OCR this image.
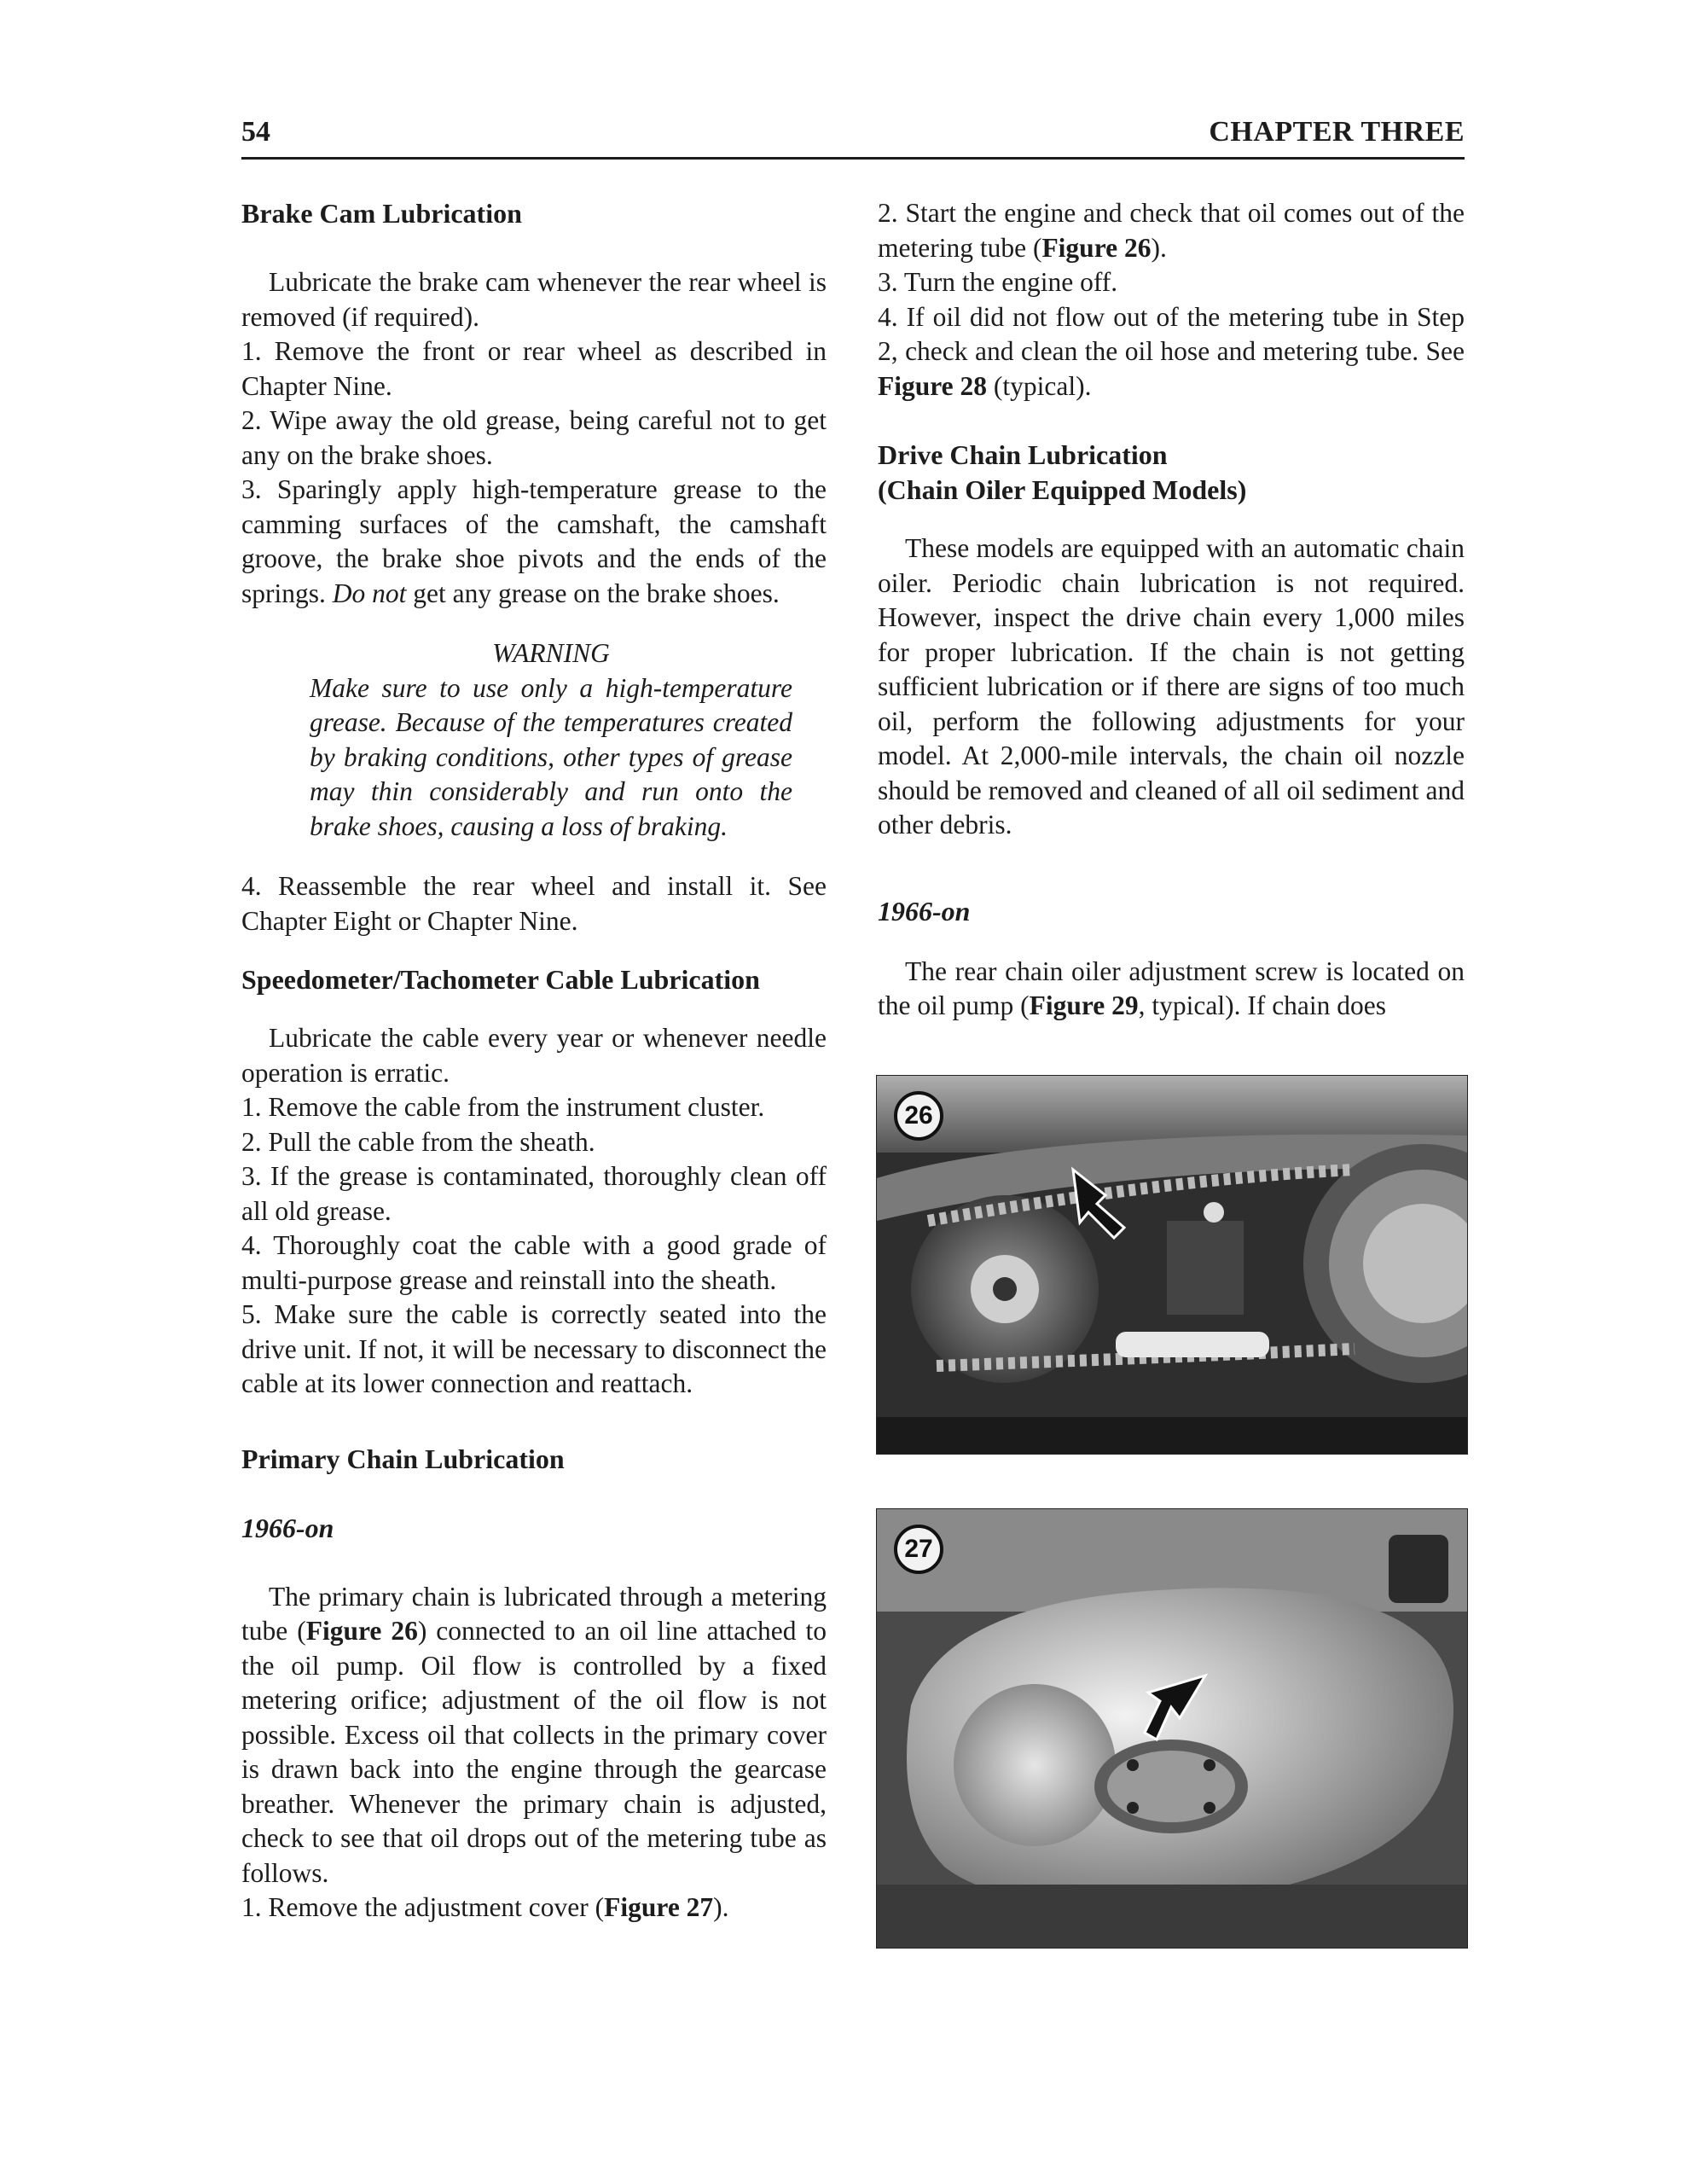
54	CHAPTER THREE
Brake Cam Lubrication

Lubricate the brake cam whenever the rear wheel is removed (if required).

1. Remove the front or rear wheel as described in Chapter Nine.

2. Wipe away the old grease, being careful not to get any on the brake shoes.

3. Sparingly apply high-temperature grease to the camming surfaces of the camshaft, the camshaft groove, the brake shoe pivots and the ends of the springs. Do not get any grease on the brake shoes.

WARNING

Make sure to use only a high-temperature grease. Because of the temperatures created by braking conditions, other types of grease may thin considerably and run onto the brake shoes, causing a loss of braking.

4. Reassemble the rear wheel and install it. See Chapter Eight or Chapter Nine.

Speedometer/Tachometer Cable Lubrication

Lubricate the cable every year or whenever needle operation is erratic.

1. Remove the cable from the instrument cluster.

2. Pull the cable from the sheath.

3. If the grease is contaminated, thoroughly clean off all old grease.

4. Thoroughly coat the cable with a good grade of multi-purpose grease and reinstall into the sheath.

5. Make sure the cable is correctly seated into the drive unit. If not, it will be necessary to disconnect the cable at its lower connection and reattach.

Primary Chain Lubrication
1966-on

The primary chain is lubricated through a metering tube (Figure 26) connected to an oil line attached to the oil pump. Oil flow is controlled by a fixed metering orifice; adjustment of the oil flow is not possible. Excess oil that collects in the primary cover is drawn back into the engine through the gearcase breather. Whenever the primary chain is adjusted, check to see that oil drops out of the metering tube as follows.

1. Remove the adjustment cover (Figure 27).

2. Start the engine and check that oil comes out of the metering tube (Figure 26).

3. Turn the engine off.

4. If oil did not flow out of the metering tube in Step 2, check and clean the oil hose and metering tube. See Figure 28 (typical).

Drive Chain Lubrication
(Chain Oiler Equipped Models)

These models are equipped with an automatic chain oiler. Periodic chain lubrication is not required. However, inspect the drive chain every 1,000 miles for proper lubrication. If the chain is not getting sufficient lubrication or if there are signs of too much oil, perform the following adjustments for your model. At 2,000-mile intervals, the chain oil nozzle should be removed and cleaned of all oil sediment and other debris.

1966-on

The rear chain oiler adjustment screw is located on the oil pump (Figure 29, typical). If chain does

26
27
